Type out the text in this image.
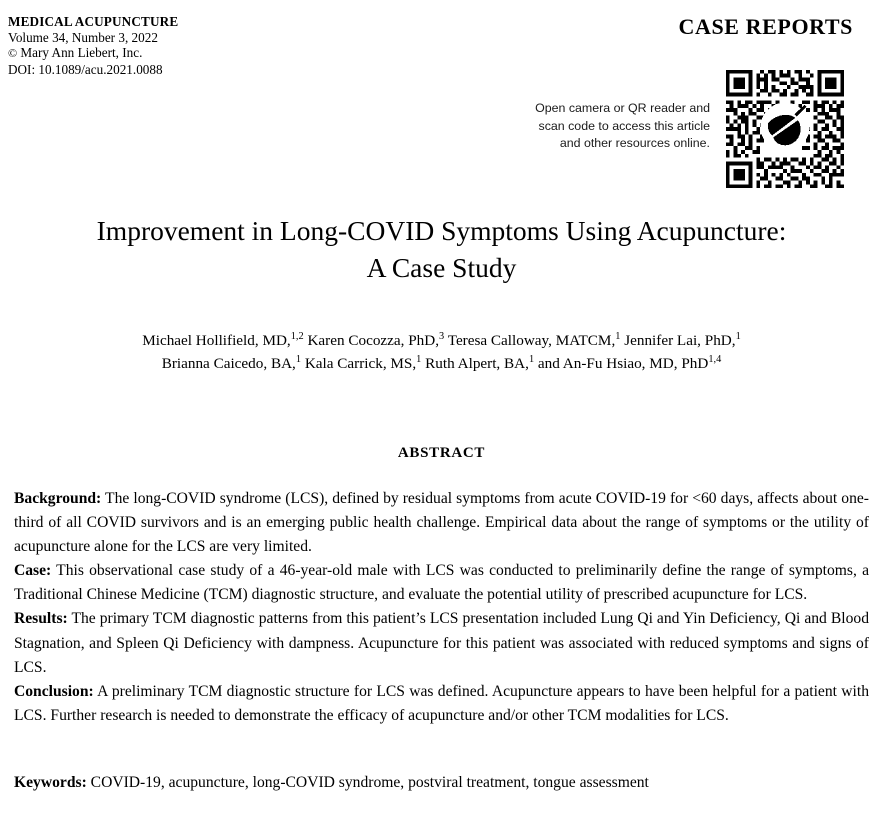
MEDICAL ACUPUNCTURE
Volume 34, Number 3, 2022
© Mary Ann Liebert, Inc.
DOI: 10.1089/acu.2021.0088
CASE REPORTS
Open camera or QR reader and
scan code to access this article
and other resources online.
Improvement in Long-COVID Symptoms Using Acupuncture:
A Case Study
Michael Hollifield, MD,$^{1,2}$ Karen Cocozza, PhD,$^3$ Teresa Calloway, MATCM,$^1$ Jennifer Lai, PhD,$^1$
Brianna Caicedo, BA,$^1$ Kala Carrick, MS,$^1$ Ruth Alpert, BA,$^1$ and An-Fu Hsiao, MD, PhD$^{1,4}$
ABSTRACT

Background: The long-COVID syndrome (LCS), defined by residual symptoms from acute COVID-19 for <60 days, affects about one-third of all COVID survivors and is an emerging public health challenge. Empirical data about the range of symptoms or the utility of acupuncture alone for the LCS are very limited.

Case: This observational case study of a 46-year-old male with LCS was conducted to preliminarily define the range of symptoms, a Traditional Chinese Medicine (TCM) diagnostic structure, and evaluate the potential utility of prescribed acupuncture for LCS.

Results: The primary TCM diagnostic patterns from this patient’s LCS presentation included Lung Qi and Yin Deficiency, Qi and Blood Stagnation, and Spleen Qi Deficiency with dampness. Acupuncture for this patient was associated with reduced symptoms and signs of LCS.

Conclusion: A preliminary TCM diagnostic structure for LCS was defined. Acupuncture appears to have been helpful for a patient with LCS. Further research is needed to demonstrate the efficacy of acupuncture and/or other TCM modalities for LCS.

Keywords: COVID-19, acupuncture, long-COVID syndrome, postviral treatment, tongue assessment
